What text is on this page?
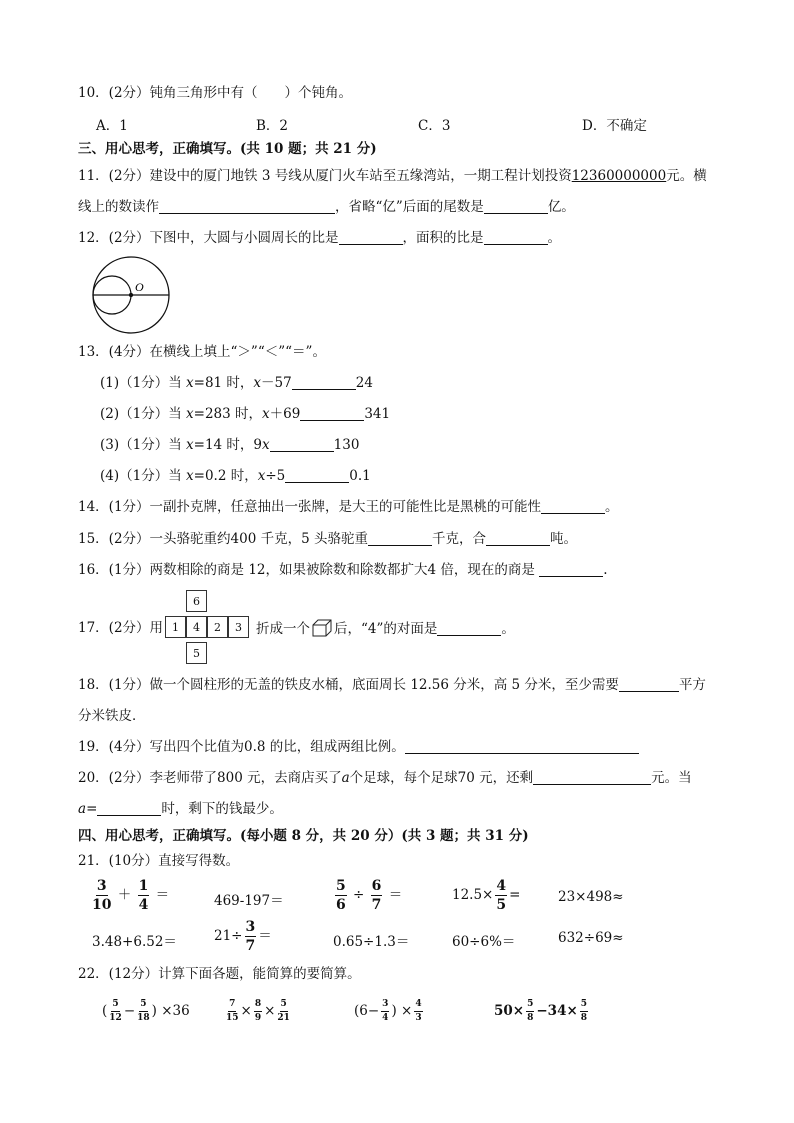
10．(2分）钝角三角形中有（　　）个钝角。
A．1	B．2	C．3	D．不确定
三、用心思考，正确填写。(共 10 题；共 21 分)
11．(2分）建设中的厦门地铁 3 号线从厦门火车站至五缘湾站，一期工程计划投资12360000000元。横
线上的数读作	，省略“亿”后面的尾数是	亿。
12．(2分）下图中，大圆与小圆周长的比是	，面积的比是	。
O
13．(4分）在横线上填上“＞”“＜”“＝”。
(1)（1分）当 x=81 时，x－57	24
(2)（1分）当 x=283 时，x＋69	341
(3)（1分）当 x=14 时，9x	130
(4)（1分）当 x=0.2 时，x÷5	0.1
14．(1分）一副扑克牌，任意抽出一张牌，是大王的可能性比是黑桃的可能性	。
15．(2分）一头骆驼重约400 千克，5 头骆驼重	千克，合	吨。
16．(1分）两数相除的商是 12，如果被除数和除数都扩大4 倍，现在的商是	.
6
1	4	2	3
5
17．(2分）用	折成一个 后，“4”的对面是	。
18．(1分）做一个圆柱形的无盖的铁皮水桶，底面周长 12.56 分米，高 5 分米，至少需要	平方
分米铁皮．
19．(4分）写出四个比值为0.8 的比，组成两组比例。
20．(2分）李老师带了800 元，去商店买了a个足球，每个足球70 元，还剩	元。当
a=	时，剩下的钱最少。
四、用心思考，正确填写。(每小题 8 分，共 20 分）(共 3 题；共 31 分)
21．(10分）直接写得数。
$\frac{3}{10} + \frac{1}{4}$ ＝	469-197＝	$\frac{5}{6} \div \frac{6}{7}$ ＝	$12.5\times \frac{4}{5}$ =	23×498≈
3.48+6.52＝	$21\div \frac{3}{7}$ ＝	0.65÷1.3＝	60÷6%＝	632÷69≈
22．(12分）计算下面各题，能简算的要简算。
( $\frac{5}{12} - \frac{5}{18}$ ) ×36	$\frac{7}{15} \times \frac{8}{9} \times \frac{5}{21}$	($6- \frac{3}{4}$ ) × $\frac{4}{3}$	$50\times \frac{5}{8} -34\times \frac{5}{8}$
